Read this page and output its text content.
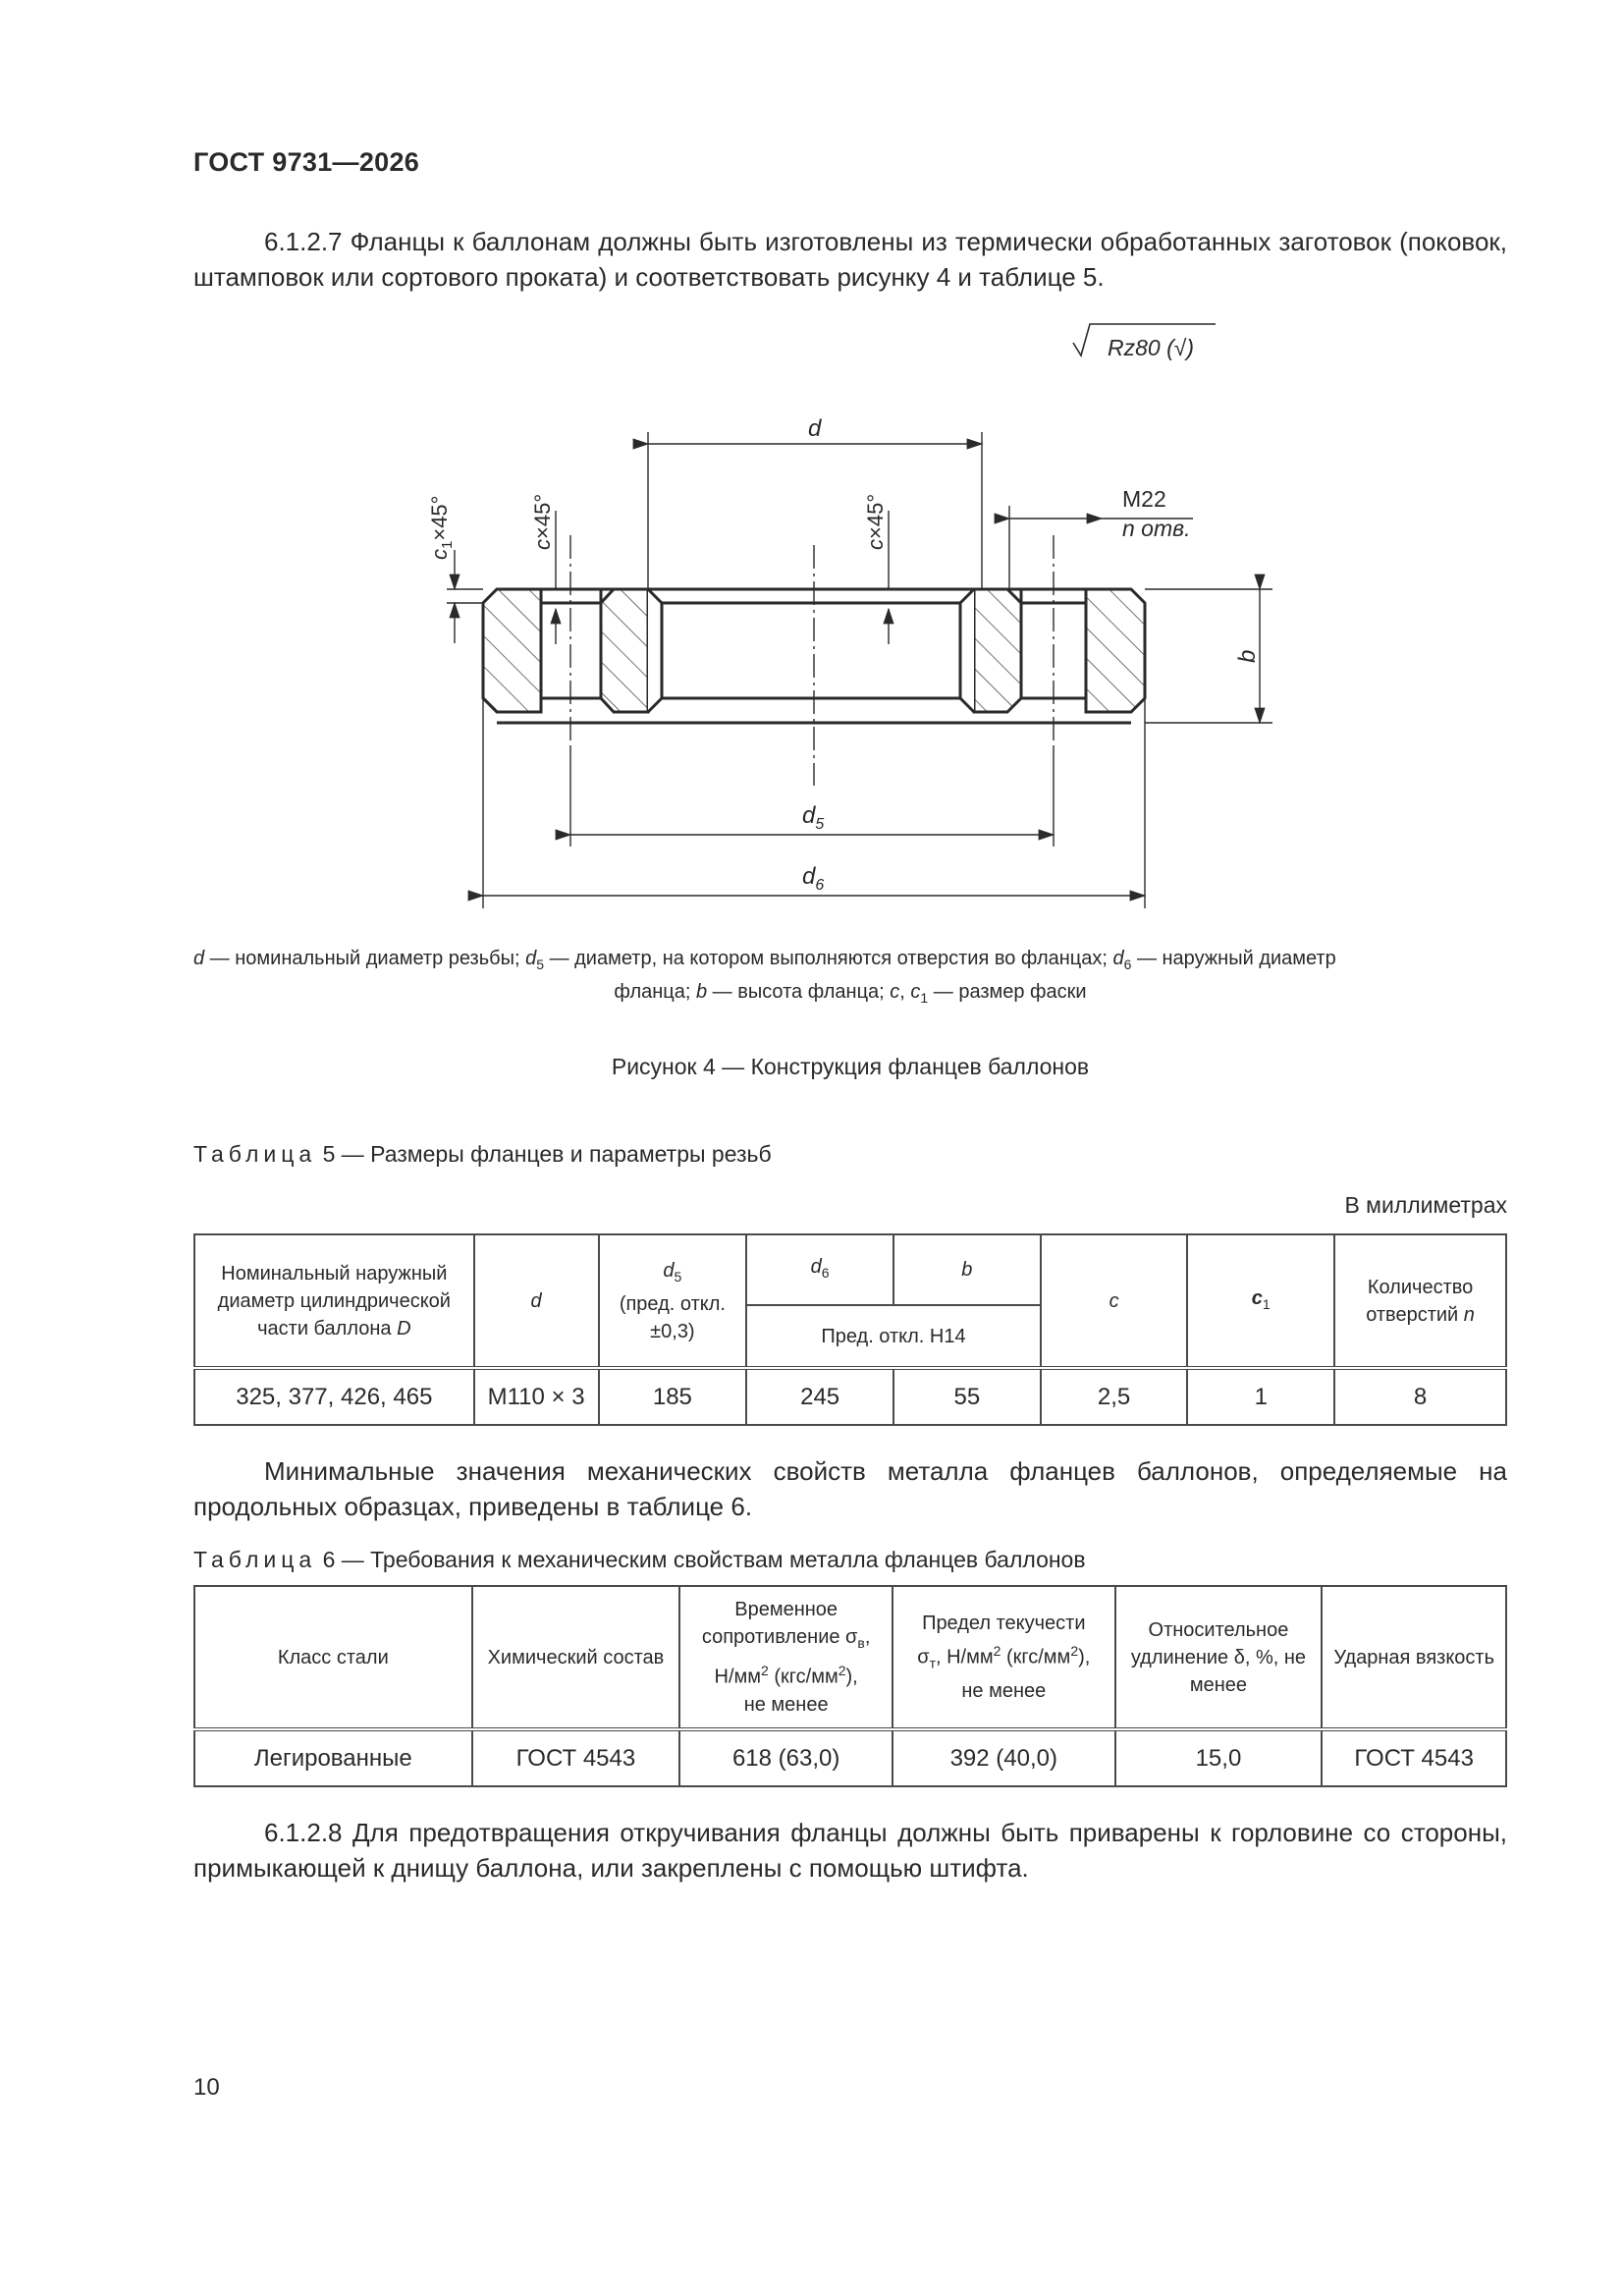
ГОСТ 9731—2026
6.1.2.7 Фланцы к баллонам должны быть изготовлены из термически обработанных заготовок (поковок, штамповок или сортового проката) и соответствовать рисунку 4 и таблице 5.
Rz80 (√)
d
$d_5$
$d_6$
b
М22
n отв.
$c_1\times 45^\circ$
c×45°
c×45°
d — номинальный диаметр резьбы; $d_5$ — диаметр, на котором выполняются отверстия во фланцах; $d_6$ — наружный диаметр
фланца; b — высота фланца; c, $c_1$ — размер фаски
Рисунок 4 — Конструкция фланцев баллонов
Таблица 5 — Размеры фланцев и параметры резьб
В миллиметрах
Номинальный наружный диаметр цилиндрической части баллона D	d	$d_5$
(пред. откл.
±0,3)	$d_6$	b	c	$c_1$	Количество отверстий n
			Пред. откл. Н14				
325, 377, 426, 465	М110 × 3	185	245	55	2,5	1	8
Минимальные значения механических свойств металла фланцев баллонов, определяемые на продольных образцах, приведены в таблице 6.
Таблица 6 — Требования к механическим свойствам металла фланцев баллонов
Класс стали	Химический состав	Временное
сопротивление $\sigma_в$,
$Н/мм^2$ $(кгс/мм^2)$,
не менее	Предел текучести
$\sigma_т$, $Н/мм^2$ $(кгс/мм^2)$,
не менее	Относительное удлинение δ, %, не менее	Ударная вязкость
Легированные	ГОСТ 4543	618 (63,0)	392 (40,0)	15,0	ГОСТ 4543
6.1.2.8 Для предотвращения откручивания фланцы должны быть приварены к горловине со стороны, примыкающей к днищу баллона, или закреплены с помощью штифта.
10
